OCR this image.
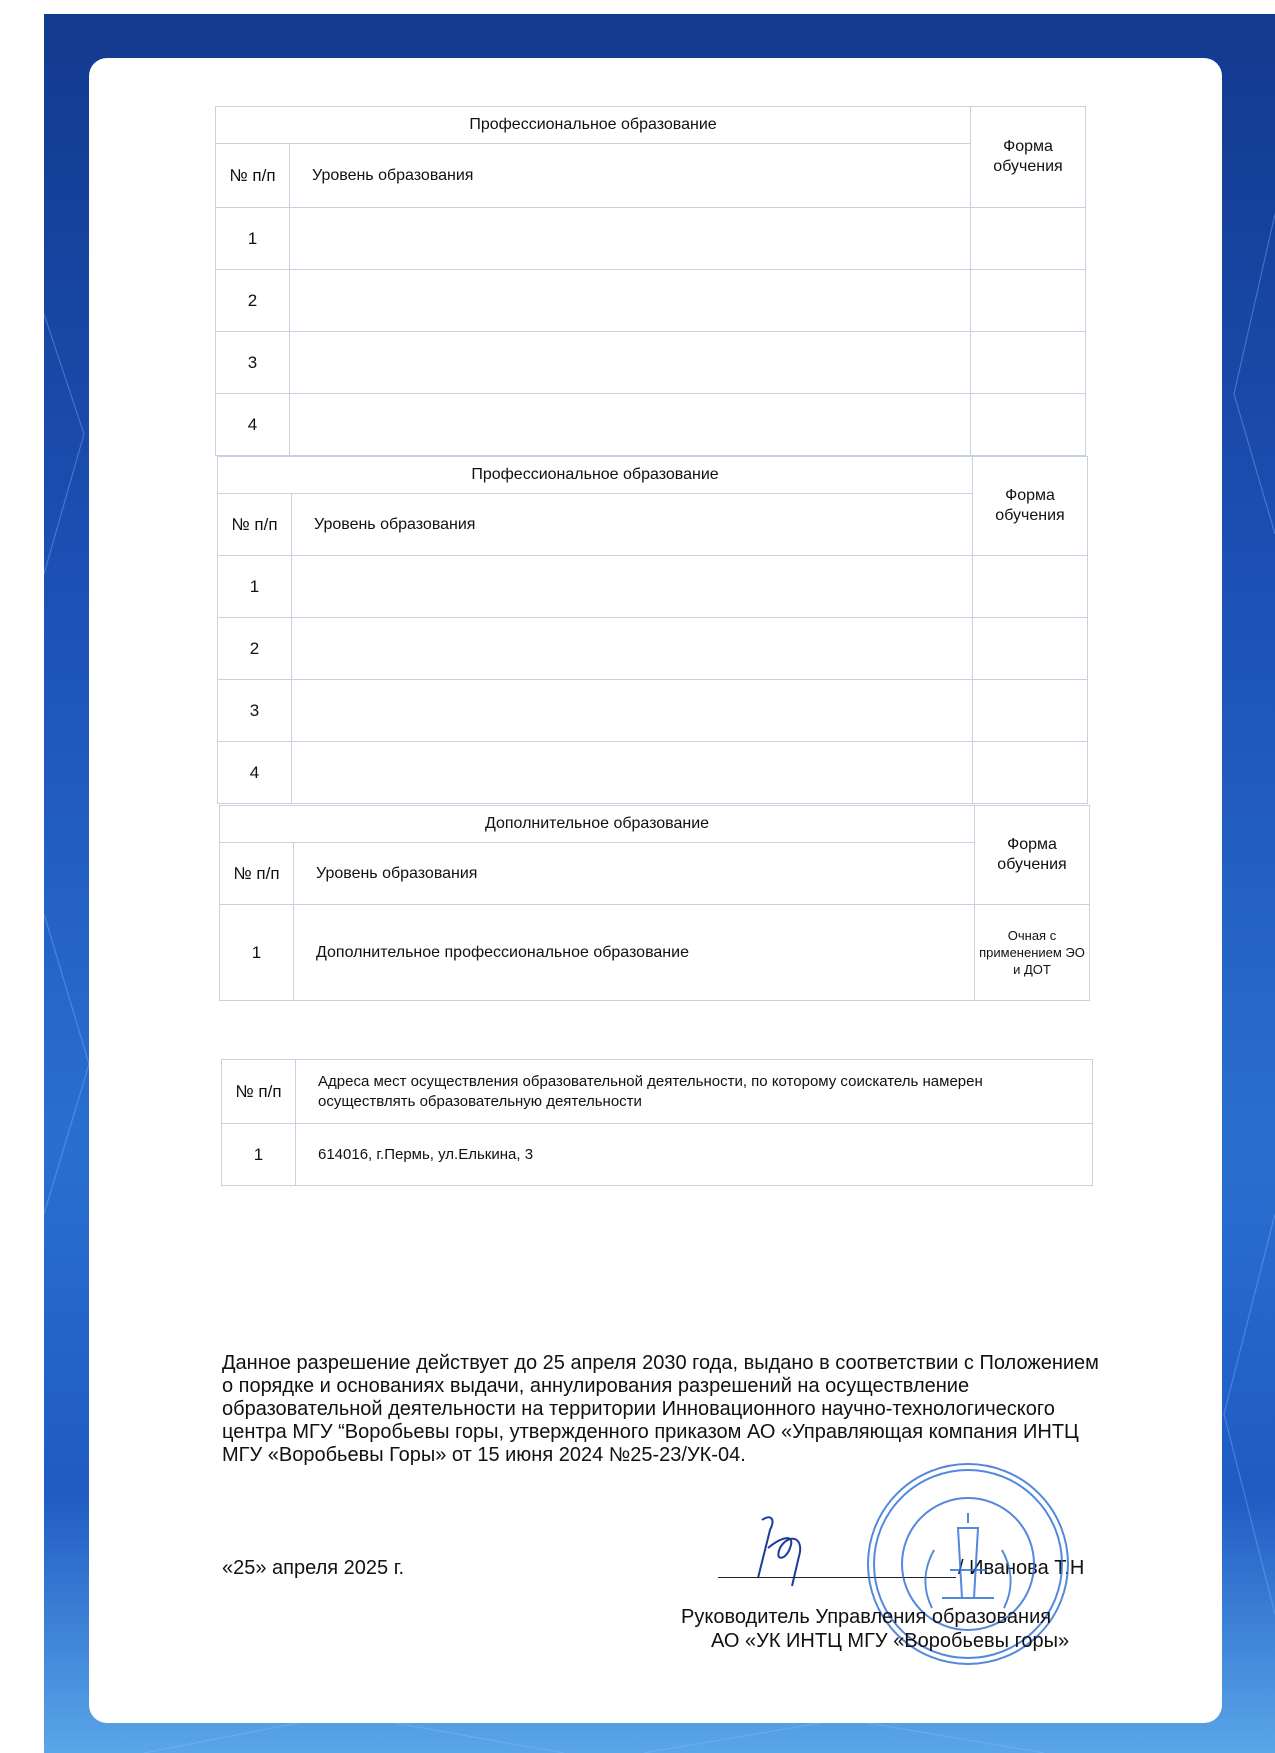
Профессиональное образование		Форма обучения
№ п/п	Уровень образования	
1		
2		
3		
4		
Профессиональное образование		Форма обучения
№ п/п	Уровень образования	
1		
2		
3		
4		
Дополнительное образование		Форма обучения
№ п/п	Уровень образования	
1	Дополнительное профессиональное образование	Очная с применением ЭО и ДОТ
№ п/п	Адреса мест осуществления образовательной деятельности, по которому соискатель намерен осуществлять образовательную деятельности
1	614016, г.Пермь, ул.Елькина, 3
Данное разрешение действует до 25 апреля 2030 года, выдано в соответствии с Положением о порядке и основаниях выдачи, аннулирования разрешений на осуществление образовательной деятельности на территории Инновационного научно-технологического центра МГУ “Воробьевы горы, утвержденного приказом АО «Управляющая компания ИНТЦ МГУ «Воробьевы Горы» от 15 июня 2024 №25-23/УК-04.
«25» апреля 2025 г.	/ Иванова Т.Н
Руководитель Управления образования
АО «УК ИНТЦ МГУ «Воробьевы горы»
